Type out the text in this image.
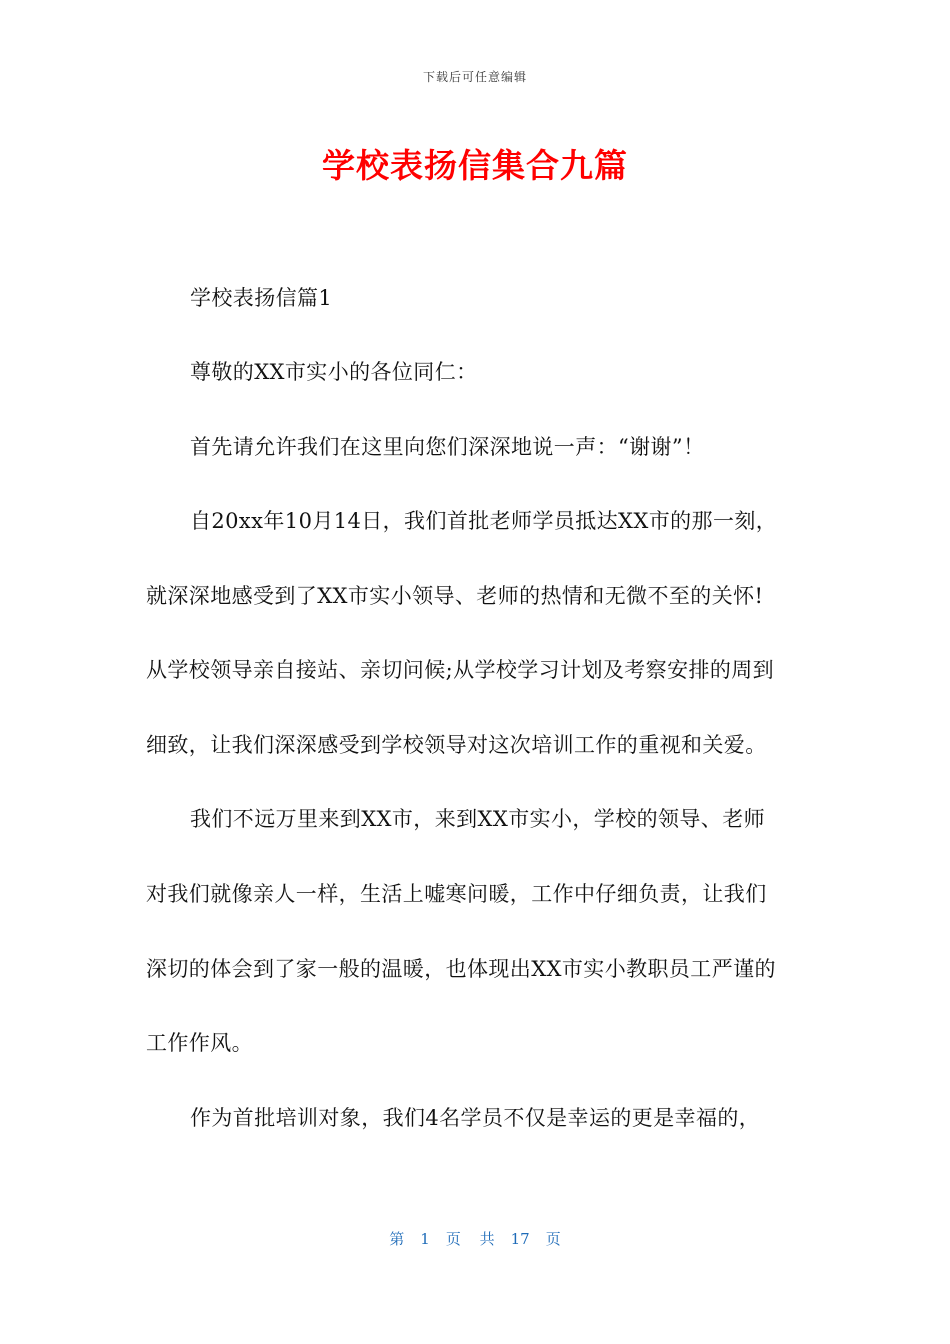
下载后可任意编辑
学校表扬信集合九篇
学校表扬信篇1
尊敬的XX市实小的各位同仁：
首先请允许我们在这里向您们深深地说一声：“谢谢”！
自20xx年10月14日，我们首批老师学员抵达XX市的那一刻，
就深深地感受到了XX市实小领导、老师的热情和无微不至的关怀!
从学校领导亲自接站、亲切问候;从学校学习计划及考察安排的周到
细致，让我们深深感受到学校领导对这次培训工作的重视和关爱。
我们不远万里来到XX市，来到XX市实小，学校的领导、老师
对我们就像亲人一样，生活上嘘寒问暖，工作中仔细负责，让我们
深切的体会到了家一般的温暖，也体现出XX市实小教职员工严谨的
工作作风。
作为首批培训对象，我们4名学员不仅是幸运的更是幸福的，
第 1 页 共 17 页
